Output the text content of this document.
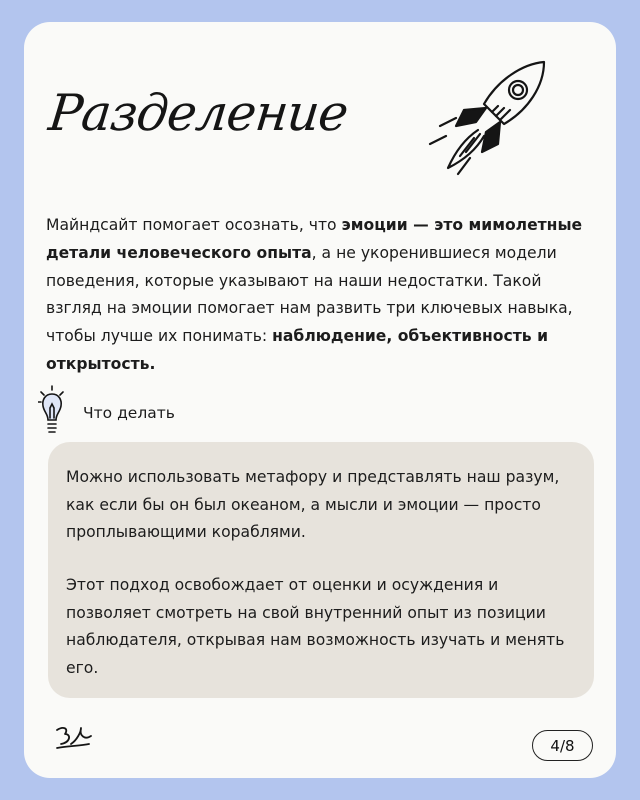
Разделение

Майндсайт помогает осознать, что эмоции — это мимолетные детали человеческого опыта, а не укоренившиеся модели поведения, которые указывают на наши недостатки. Такой взгляд на эмоции помогает нам развить три ключевых навыка, чтобы лучше их понимать: наблюдение, объективность и открытость.

Что делать

Можно использовать метафору и представлять наш разум, как если бы он был океаном, а мысли и эмоции — просто проплывающими кораблями.

Этот подход освобождает от оценки и осуждения и позволяет смотреть на свой внутренний опыт из позиции наблюдателя, открывая нам возможность изучать и менять его.

4/8
